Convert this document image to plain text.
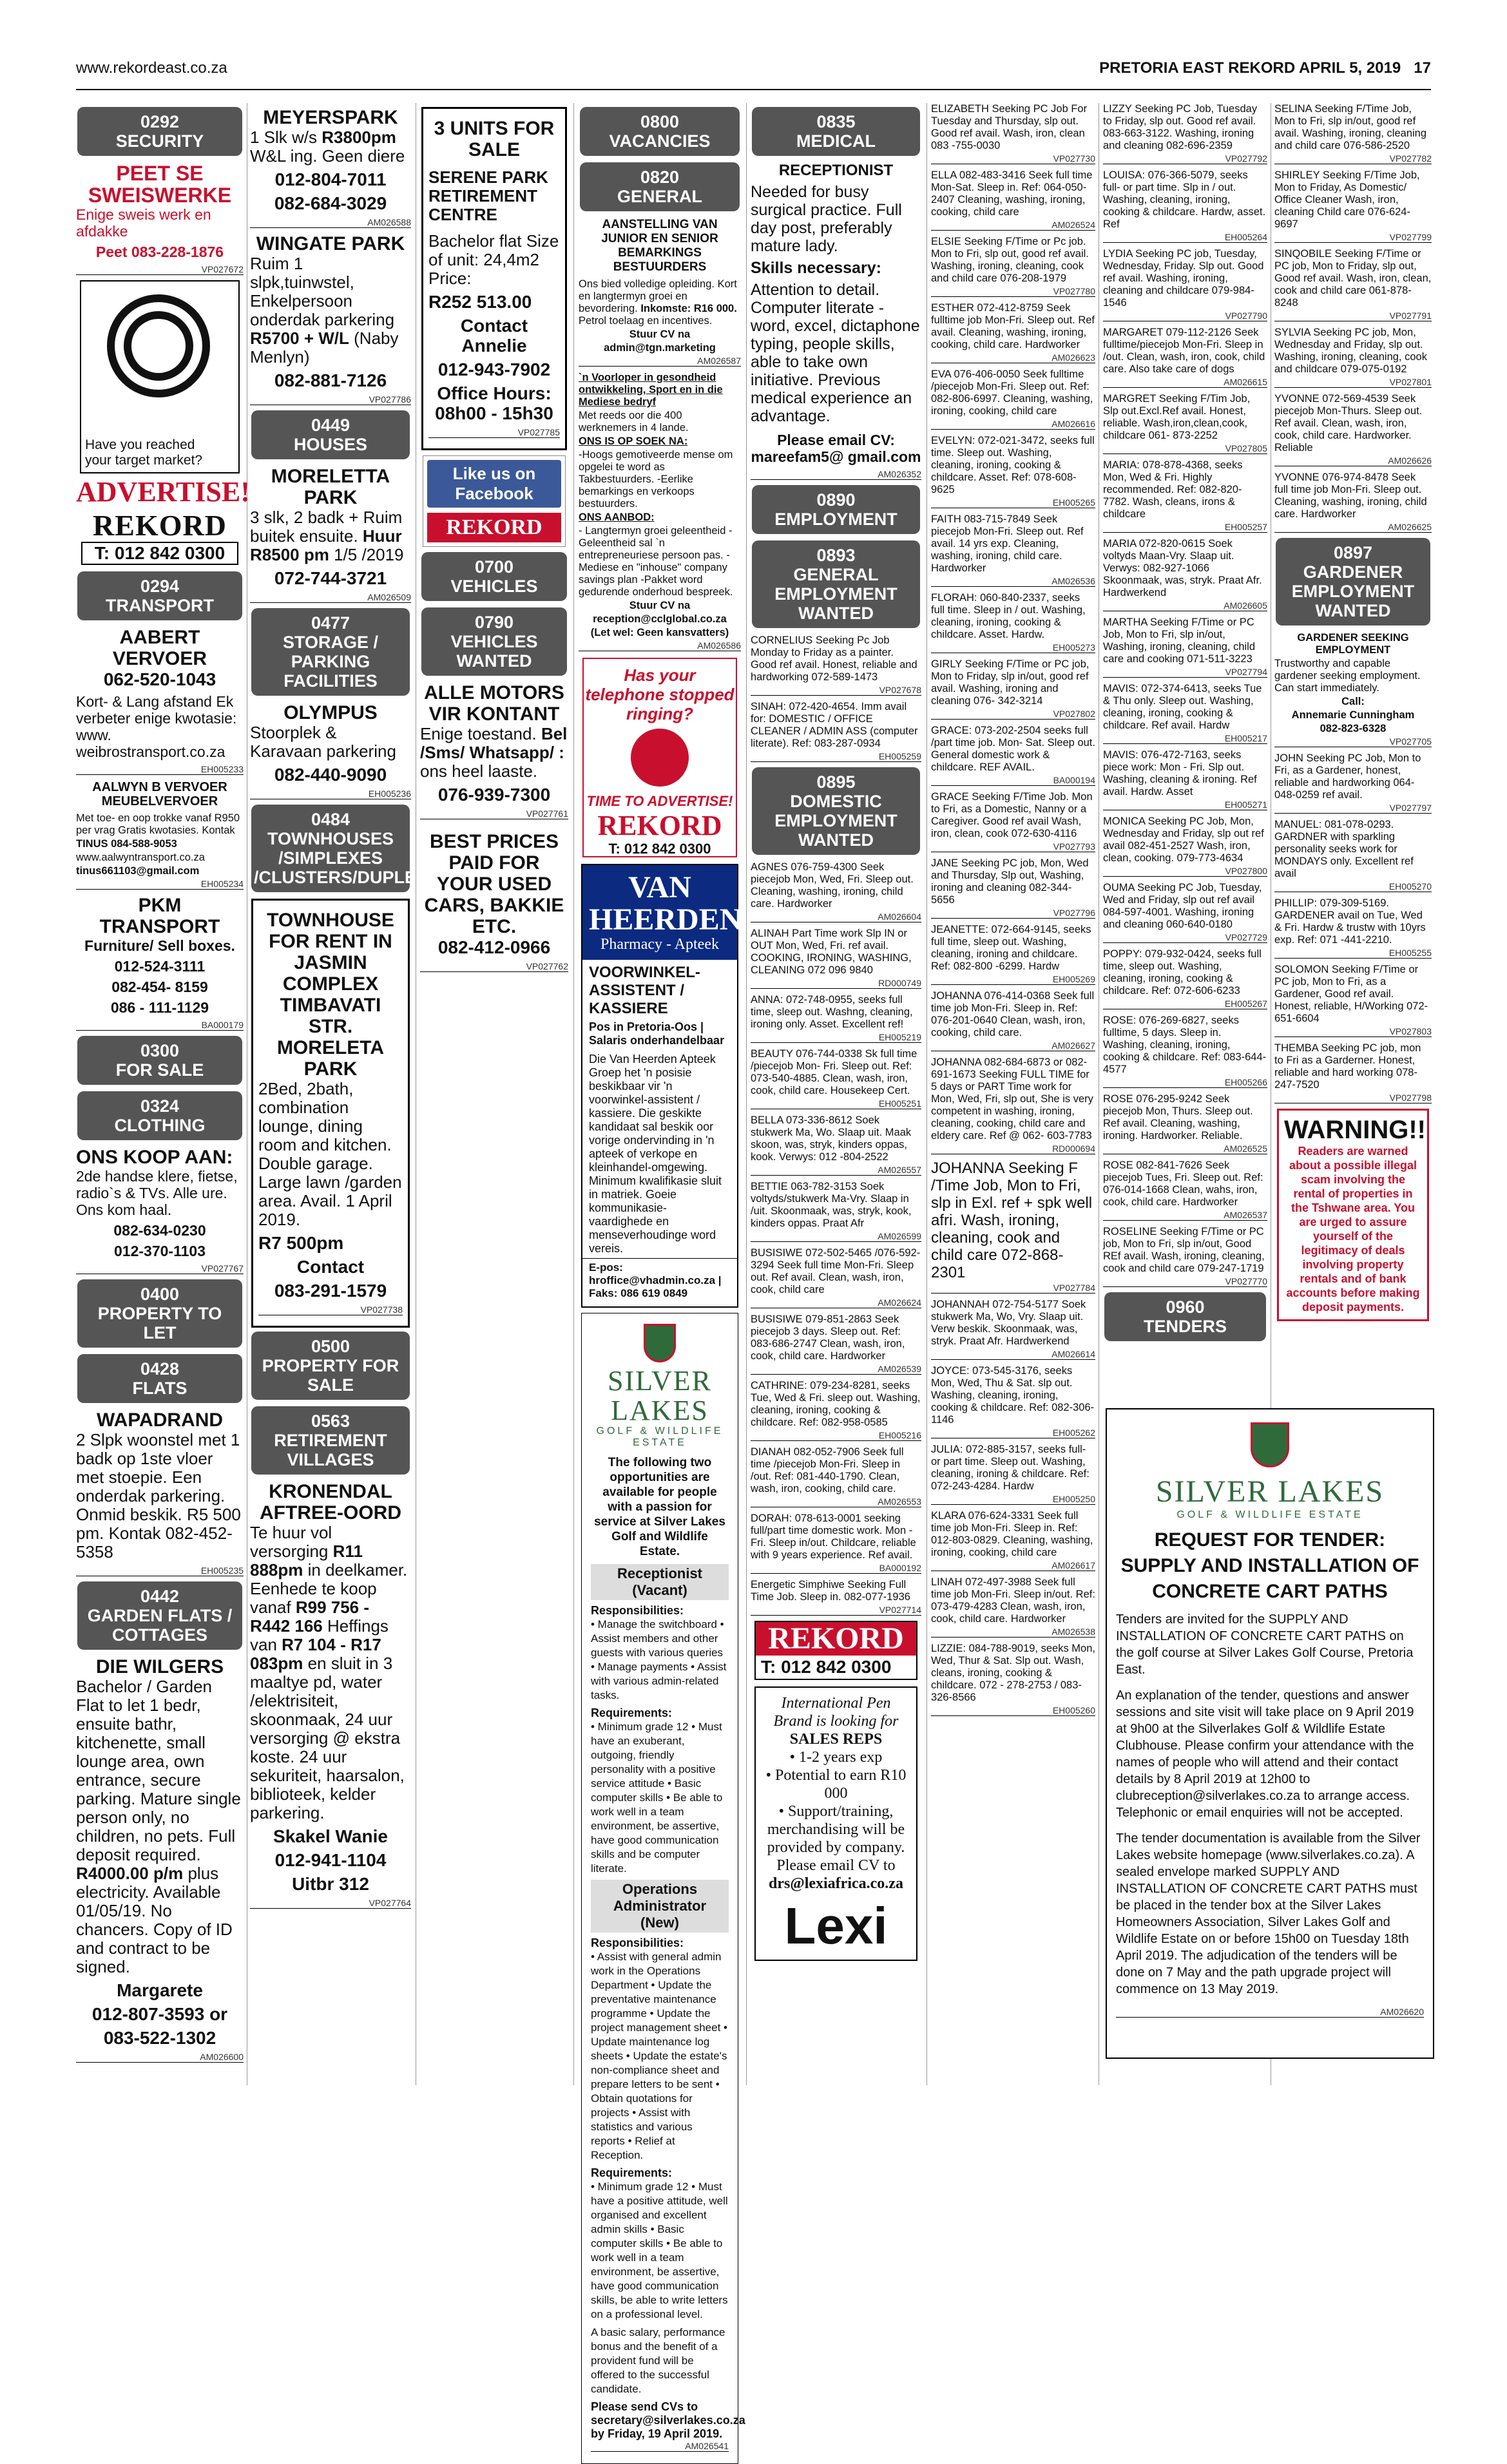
www.rekordeast.co.za	PRETORIA EAST REKORD APRIL 5, 2019 17
0292
SECURITY
PEET SE
SWEISWERKE
Enige sweis werk en afdakke
Peet 083-228-1876
VP027672
Have you reached
your target market?
ADVERTISE!
REKORD
T: 012 842 0300
0294
TRANSPORT
AABERT VERVOER
062-520-1043
Kort- & Lang afstand Ek verbeter enige kwotasie: www. weibrostransport.co.za
EH005233
AALWYN B VERVOER MEUBELVERVOER
Met toe- en oop trokke vanaf R950 per vrag Gratis kwotasies. Kontak
TINUS 084-588-9053
www.aalwyntransport.co.za
tinus661103@gmail.com
EH005234
PKM TRANSPORT
Furniture/ Sell boxes.
012-524-3111
082-454- 8159
086 - 111-1129
BA000179
0300
FOR SALE
0324
CLOTHING
ONS KOOP AAN:
2de handse klere, fietse, radio`s & TVs. Alle ure. Ons kom haal.
082-634-0230
012-370-1103
VP027767
0400
PROPERTY TO LET
0428
FLATS
WAPADRAND
2 Slpk woonstel met 1 badk op 1ste vloer met stoepie. Een onderdak parkering. Onmid beskik. R5 500 pm. Kontak 082-452-5358
EH005235
0442
GARDEN FLATS / COTTAGES
DIE WILGERS
Bachelor / Garden Flat to let 1 bedr, ensuite bathr, kitchenette, small lounge area, own entrance, secure parking. Mature single person only, no children, no pets. Full deposit required. R4000.00 p/m plus electricity. Available 01/05/19. No chancers. Copy of ID and contract to be signed.
Margarete
012-807-3593 or
083-522-1302
AM026600
MEYERSPARK
1 Slk w/s R3800pm W&L ing. Geen diere
012-804-7011
082-684-3029
AM026588
WINGATE PARK
Ruim 1 slpk,tuinwstel, Enkelpersoon onderdak parkering R5700 + W/L (Naby Menlyn)
082-881-7126
VP027786
0449
HOUSES
MORELETTA PARK
3 slk, 2 badk + Ruim buitek ensuite. Huur R8500 pm 1/5 /2019
072-744-3721
AM026509
0477
STORAGE / PARKING FACILITIES
OLYMPUS
Stoorplek & Karavaan parkering
082-440-9090
EH005236
0484
TOWNHOUSES /SIMPLEXES /CLUSTERS/DUPLEXES
TOWNHOUSE FOR RENT IN JASMIN COMPLEX TIMBAVATI STR. MORELETA PARK
2Bed, 2bath, combination lounge, dining room and kitchen. Double garage. Large lawn /garden area. Avail. 1 April 2019.
R7 500pm
Contact
083-291-1579
VP027738
0500
PROPERTY FOR SALE
0563
RETIREMENT VILLAGES
KRONENDAL AFTREE-OORD
Te huur vol versorging R11 888pm in deelkamer. Eenhede te koop vanaf R99 756 - R442 166 Heffings van R7 104 - R17 083pm en sluit in 3 maaltye pd, water /elektrisiteit, skoonmaak, 24 uur versorging @ ekstra koste. 24 uur sekuriteit, haarsalon, biblioteek, kelder parkering.
Skakel Wanie
012-941-1104
Uitbr 312
VP027764
3 UNITS FOR SALE
SERENE PARK RETIREMENT CENTRE
Bachelor flat Size of unit: 24,4m2 Price:
R252 513.00
Contact Annelie
012-943-7902
Office Hours: 08h00 - 15h30
VP027785
Like us on Facebook
REKORD
0700
VEHICLES
0790
VEHICLES WANTED
ALLE MOTORS VIR KONTANT
Enige toestand. Bel /Sms/ Whatsapp/ : ons heel laaste.
076-939-7300
VP027761
BEST PRICES PAID FOR YOUR USED CARS, BAKKIE ETC.
082-412-0966
VP027762
0800
VACANCIES
0820
GENERAL
AANSTELLING VAN JUNIOR EN SENIOR BEMARKINGS BESTUURDERS
Ons bied volledige opleiding. Kort en langtermyn groei en bevordering. Inkomste: R16 000. Petrol toelaag en incentives.
Stuur CV na
admin@tgn.marketing
AM026587
`n Voorloper in gesondheid ontwikkeling, Sport en in die Mediese bedryf
Met reeds oor die 400 werknemers in 4 lande.
ONS IS OP SOEK NA:
-Hoogs gemotiveerde mense om opgelei te word as Takbestuurders. -Eerlike bemarkings en verkoops bestuurders.
ONS AANBOD:
- Langtermyn groei geleentheid - Geleentheid sal `n entrepreneuriese persoon pas. - Mediese en "inhouse" company savings plan -Pakket word gedurende onderhoud bespreek.
Stuur CV na
reception@cclglobal.co.za
(Let wel: Geen kansvatters)
AM026586
Has your telephone stopped ringing?
TIME TO ADVERTISE!
REKORD
T: 012 842 0300
VAN HEERDEN
Pharmacy - Apteek
VOORWINKEL-ASSISTENT / KASSIERE
Pos in Pretoria-Oos | Salaris onderhandelbaar
Die Van Heerden Apteek Groep het 'n posisie beskikbaar vir 'n voorwinkel-assistent / kassiere. Die geskikte kandidaat sal beskik oor vorige ondervinding in 'n apteek of verkope en kleinhandel-omgewing. Minimum kwalifikasie sluit in matriek. Goeie kommunikasie-vaardighede en menseverhoudinge word vereis.
E-pos: hroffice@vhadmin.co.za | Faks: 086 619 0849
SILVER LAKES
GOLF & WILDLIFE ESTATE
The following two opportunities are available for people with a passion for service at Silver Lakes Golf and Wildlife Estate.
Receptionist (Vacant)
Responsibilities:
• Manage the switchboard • Assist members and other guests with various queries • Manage payments • Assist with various admin-related tasks.
Requirements:
• Minimum grade 12 • Must have an exuberant, outgoing, friendly personality with a positive service attitude • Basic computer skills • Be able to work well in a team environment, be assertive, have good communication skills and be computer literate.
Operations Administrator (New)
Responsibilities:
• Assist with general admin work in the Operations Department • Update the preventative maintenance programme • Update the project management sheet • Update maintenance log sheets • Update the estate's non-compliance sheet and prepare letters to be sent • Obtain quotations for projects • Assist with statistics and various reports • Relief at Reception.
Requirements:
• Minimum grade 12 • Must have a positive attitude, well organised and excellent admin skills • Basic computer skills • Be able to work well in a team environment, be assertive, have good communication skills, be able to write letters on a professional level.
A basic salary, performance bonus and the benefit of a provident fund will be offered to the successful candidate.
Please send CVs to secretary@silverlakes.co.za by Friday, 19 April 2019.
AM026541
0835
MEDICAL
RECEPTIONIST
Needed for busy surgical practice. Full day post, preferably mature lady.
Skills necessary:
Attention to detail. Computer literate - word, excel, dictaphone typing, people skills, able to take own initiative. Previous medical experience an advantage.
Please email CV: mareefam5@ gmail.com
AM026352
0890
EMPLOYMENT
0893
GENERAL EMPLOYMENT WANTED
CORNELIUS Seeking Pc Job Monday to Friday as a painter. Good ref avail. Honest, reliable and hardworking 072-589-1473
VP027678
SINAH: 072-420-4654. Imm avail for: DOMESTIC / OFFICE CLEANER / ADMIN ASS (computer literate). Ref: 083-287-0934
EH005259
0895
DOMESTIC EMPLOYMENT WANTED
AGNES 076-759-4300 Seek piecejob Mon, Wed, Fri. Sleep out. Cleaning, washing, ironing, child care. Hardworker
AM026604
ALINAH Part Time work Slp IN or OUT Mon, Wed, Fri. ref avail. COOKING, IRONING, WASHING, CLEANING 072 096 9840
RD000749
ANNA: 072-748-0955, seeks full time, sleep out. Washng, cleaning, ironing only. Asset. Excellent ref!
EH005219
BEAUTY 076-744-0338 Sk full time /piecejob Mon- Fri. Sleep out. Ref: 073-540-4885. Clean, wash, iron, cook, child care. Housekeep Cert.
EH005251
BELLA 073-336-8612 Soek stukwerk Ma, Wo. Slaap uit. Maak skoon, was, stryk, kinders oppas, kook. Verwys: 012 -804-2522
AM026557
BETTIE 063-782-3153 Soek voltyds/stukwerk Ma-Vry. Slaap in /uit. Skoonmaak, was, stryk, kook, kinders oppas. Praat Afr
AM026599
BUSISIWE 072-502-5465 /076-592-3294 Seek full time Mon-Fri. Sleep out. Ref avail. Clean, wash, iron, cook, child care
AM026624
BUSISIWE 079-851-2863 Seek piecejob 3 days. Sleep out. Ref: 083-686-2747 Clean, wash, iron, cook, child care. Hardworker
AM026539
CATHRINE: 079-234-8281, seeks Tue, Wed & Fri. sleep out. Washing, cleaning, ironing, cooking & childcare. Ref: 082-958-0585
EH005216
DIANAH 082-052-7906 Seek full time /piecejob Mon-Fri. Sleep in /out. Ref: 081-440-1790. Clean, wash, iron, cooking, child care.
AM026553
DORAH: 078-613-0001 seeking full/part time domestic work. Mon - Fri. Sleep in/out. Childcare, reliable with 9 years experience. Ref avail.
BA000192
Energetic Simphiwe Seeking Full Time Job. Sleep in. 082-077-1936
VP027714
REKORD
T: 012 842 0300
International Pen Brand is looking for
SALES REPS
• 1-2 years exp
• Potential to earn R10 000
• Support/training, merchandising will be provided by company.
Please email CV to
drs@lexiafrica.co.za
Lexi
ELIZABETH Seeking PC Job For Tuesday and Thursday, slp out. Good ref avail. Wash, iron, clean 083 -755-0030
VP027730
ELLA 082-483-3416 Seek full time Mon-Sat. Sleep in. Ref: 064-050-2407 Cleaning, washing, ironing, cooking, child care
AM026524
ELSIE Seeking F/Time or Pc job. Mon to Fri, slp out, good ref avail. Washing, ironing, cleaning, cook and child care 076-208-1979
VP027780
ESTHER 072-412-8759 Seek fulltime job Mon-Fri. Sleep out. Ref avail. Cleaning, washing, ironing, cooking, child care. Hardworker
AM026623
EVA 076-406-0050 Seek fulltime /piecejob Mon-Fri. Sleep out. Ref: 082-806-6997. Cleaning, washing, ironing, cooking, child care
AM026616
EVELYN: 072-021-3472, seeks full time. Sleep out. Washing, cleaning, ironing, cooking & childcare. Asset. Ref: 078-608-9625
EH005265
FAITH 083-715-7849 Seek piecejob Mon-Fri. Sleep out. Ref avail. 14 yrs exp. Cleaning, washing, ironing, child care. Hardworker
AM026536
FLORAH: 060-840-2337, seeks full time. Sleep in / out. Washing, cleaning, ironing, cooking & childcare. Asset. Hardw.
EH005273
GIRLY Seeking F/Time or PC job, Mon to Friday, slp in/out, good ref avail. Washing, ironing and cleaning 076- 342-3214
VP027802
GRACE: 073-202-2504 seeks full /part time job. Mon- Sat. Sleep out. General domestic work & childcare. REF AVAIL.
BA000194
GRACE Seeking F/Time Job. Mon to Fri, as a Domestic, Nanny or a Caregiver. Good ref avail Wash, iron, clean, cook 072-630-4116
VP027793
JANE Seeking PC job, Mon, Wed and Thursday, Slp out, Washing, ironing and cleaning 082-344-5656
VP027796
JEANETTE: 072-664-9145, seeks full time, sleep out. Washing, cleaning, ironing and childcare. Ref: 082-800 -6299. Hardw
EH005269
JOHANNA 076-414-0368 Seek full time job Mon-Fri. Sleep in. Ref: 076-201-0640 Clean, wash, iron, cooking, child care.
AM026627
JOHANNA 082-684-6873 or 082-691-1673 Seeking FULL TIME for 5 days or PART Time work for Mon, Wed, Fri, slp out, She is very competent in washing, ironing, cleaning, cooking, child care and eldery care. Ref @ 062- 603-7783
RD000694
JOHANNA Seeking F /Time Job, Mon to Fri, slp in Exl. ref + spk well afri. Wash, ironing, cleaning, cook and child care 072-868-2301
VP027784
JOHANNAH 072-754-5177 Soek stukwerk Ma, Wo, Vry. Slaap uit. Verw beskik. Skoonmaak, was, stryk. Praat Afr. Hardwerkend
AM026614
JOYCE: 073-545-3176, seeks Mon, Wed, Thu & Sat. slp out. Washing, cleaning, ironing, cooking & childcare. Ref: 082-306-1146
EH005262
JULIA: 072-885-3157, seeks full- or part time. Sleep out. Washing, cleaning, ironing & childcare. Ref: 072-243-4284. Hardw
EH005250
KLARA 076-624-3331 Seek full time job Mon-Fri. Sleep in. Ref: 012-803-0829. Cleaning, washing, ironing, cooking, child care
AM026617
LINAH 072-497-3988 Seek full time job Mon-Fri. Sleep in/out. Ref: 073-479-4283 Clean, wash, iron, cook, child care. Hardworker
AM026538
LIZZIE: 084-788-9019, seeks Mon, Wed, Thur & Sat. Slp out. Wash, cleans, ironing, cooking & childcare. 072 - 278-2753 / 083-326-8566
EH005260
LIZZY Seeking PC Job, Tuesday to Friday, slp out. Good ref avail. 083-663-3122. Washing, ironing and cleaning 082-696-2359
VP027792
LOUISA: 076-366-5079, seeks full- or part time. Slp in / out. Washing, cleaning, ironing, cooking & childcare. Hardw, asset. Ref
EH005264
LYDIA Seeking PC job, Tuesday, Wednesday, Friday. Slp out. Good ref avail. Washing, ironing, cleaning and childcare 079-984-1546
VP027790
MARGARET 079-112-2126 Seek fulltime/piecejob Mon-Fri. Sleep in /out. Clean, wash, iron, cook, child care. Also take care of dogs
AM026615
MARGRET Seeking F/Tim Job, Slp out.Excl.Ref avail. Honest, reliable. Wash,iron,clean,cook, childcare 061- 873-2252
VP027805
MARIA: 078-878-4368, seeks Mon, Wed & Fri. Highly recommended. Ref: 082-820-7782. Wash, cleans, irons & childcare
EH005257
MARIA 072-820-0615 Soek voltyds Maan-Vry. Slaap uit. Verwys: 082-927-1066 Skoonmaak, was, stryk. Praat Afr. Hardwerkend
AM026605
MARTHA Seeking F/Time or PC Job, Mon to Fri, slp in/out, Washing, ironing, cleaning, child care and cooking 071-511-3223
VP027794
MAVIS: 072-374-6413, seeks Tue & Thu only. Sleep out. Washing, cleaning, ironing, cooking & childcare. Ref avail. Hardw
EH005217
MAVIS: 076-472-7163, seeks piece work: Mon - Fri. Slp out. Washing, cleaning & ironing. Ref avail. Hardw. Asset
EH005271
MONICA Seeking PC Job, Mon, Wednesday and Friday, slp out ref avail 082-451-2527 Wash, iron, clean, cooking. 079-773-4634
VP027800
OUMA Seeking PC Job, Tuesday, Wed and Friday, slp out ref avail 084-597-4001. Washing, ironing and cleaning 060-640-0180
VP027729
POPPY: 079-932-0424, seeks full time, sleep out. Washing, cleaning, ironing, cooking & childcare. Ref: 072-606-6233
EH005267
ROSE: 076-269-6827, seeks fulltime, 5 days. Sleep in. Washing, cleaning, ironing, cooking & childcare. Ref: 083-644-4577
EH005266
ROSE 076-295-9242 Seek piecejob Mon, Thurs. Sleep out. Ref avail. Cleaning, washing, ironing. Hardworker. Reliable.
AM026525
ROSE 082-841-7626 Seek piecejob Tues, Fri. Sleep out. Ref: 076-014-1668 Clean, wahs, iron, cook, child care. Hardworker
AM026537
ROSELINE Seeking F/Time or PC job, Mon to Fri, slp in/out, Good REf avail. Wash, ironing, cleaning, cook and child care 079-247-1719
VP027770
0960
TENDERS
SELINA Seeking F/Time Job, Mon to Fri, slp in/out, good ref avail. Washing, ironing, cleaning and child care 076-586-2520
VP027782
SHIRLEY Seeking F/Time Job, Mon to Friday, As Domestic/ Office Cleaner Wash, iron, cleaning Child care 076-624-9697
VP027799
SINQOBILE Seeking F/Time or PC job, Mon to Friday, slp out, Good ref avail. Wash, iron, clean, cook and child care 061-878-8248
VP027791
SYLVIA Seeking PC job, Mon, Wednesday and Friday, slp out. Washing, ironing, cleaning, cook and childcare 079-075-0192
VP027801
YVONNE 072-569-4539 Seek piecejob Mon-Thurs. Sleep out. Ref avail. Clean, wash, iron, cook, child care. Hardworker. Reliable
AM026626
YVONNE 076-974-8478 Seek full time job Mon-Fri. Sleep out. Cleaning, washing, ironing, child care. Hardworker
AM026625
0897
GARDENER EMPLOYMENT WANTED
GARDENER SEEKING EMPLOYMENT
Trustworthy and capable gardener seeking employment. Can start immediately.
Call:
Annemarie Cunningham
082-823-6328
VP027705
JOHN Seeking PC Job, Mon to Fri, as a Gardener, honest, reliable and hardworking 064-048-0259 ref avail.
VP027797
MANUEL: 081-078-0293. GARDNER with sparkling personality seeks work for MONDAYS only. Excellent ref avail
EH005270
PHILLIP: 079-309-5169. GARDENER avail on Tue, Wed & Fri. Hardw & trustw with 10yrs exp. Ref: 071 -441-2210.
EH005255
SOLOMON Seeking F/Time or PC job, Mon to Fri, as a Gardener, Good ref avail. Honest, reliable, H/Working 072-651-6604
VP027803
THEMBA Seeking PC job, mon to Fri as a Garderner. Honest, reliable and hard working 078-247-7520
VP027798
WARNING!!
Readers are warned about a possible illegal scam involving the rental of properties in the Tshwane area. You are urged to assure yourself of the legitimacy of deals involving property rentals and of bank accounts before making deposit payments.
SILVER LAKES
GOLF & WILDLIFE ESTATE
REQUEST FOR TENDER: SUPPLY AND INSTALLATION OF CONCRETE CART PATHS
Tenders are invited for the SUPPLY AND INSTALLATION OF CONCRETE CART PATHS on the golf course at Silver Lakes Golf Course, Pretoria East.
An explanation of the tender, questions and answer sessions and site visit will take place on 9 April 2019 at 9h00 at the Silverlakes Golf & Wildlife Estate Clubhouse. Please confirm your attendance with the names of people who will attend and their contact details by 8 April 2019 at 12h00 to clubreception@silverlakes.co.za to arrange access. Telephonic or email enquiries will not be accepted.
The tender documentation is available from the Silver Lakes website homepage (www.silverlakes.co.za). A sealed envelope marked SUPPLY AND INSTALLATION OF CONCRETE CART PATHS must be placed in the tender box at the Silver Lakes Homeowners Association, Silver Lakes Golf and Wildlife Estate on or before 15h00 on Tuesday 18th April 2019. The adjudication of the tenders will be done on 7 May and the path upgrade project will commence on 13 May 2019.
AM026620
